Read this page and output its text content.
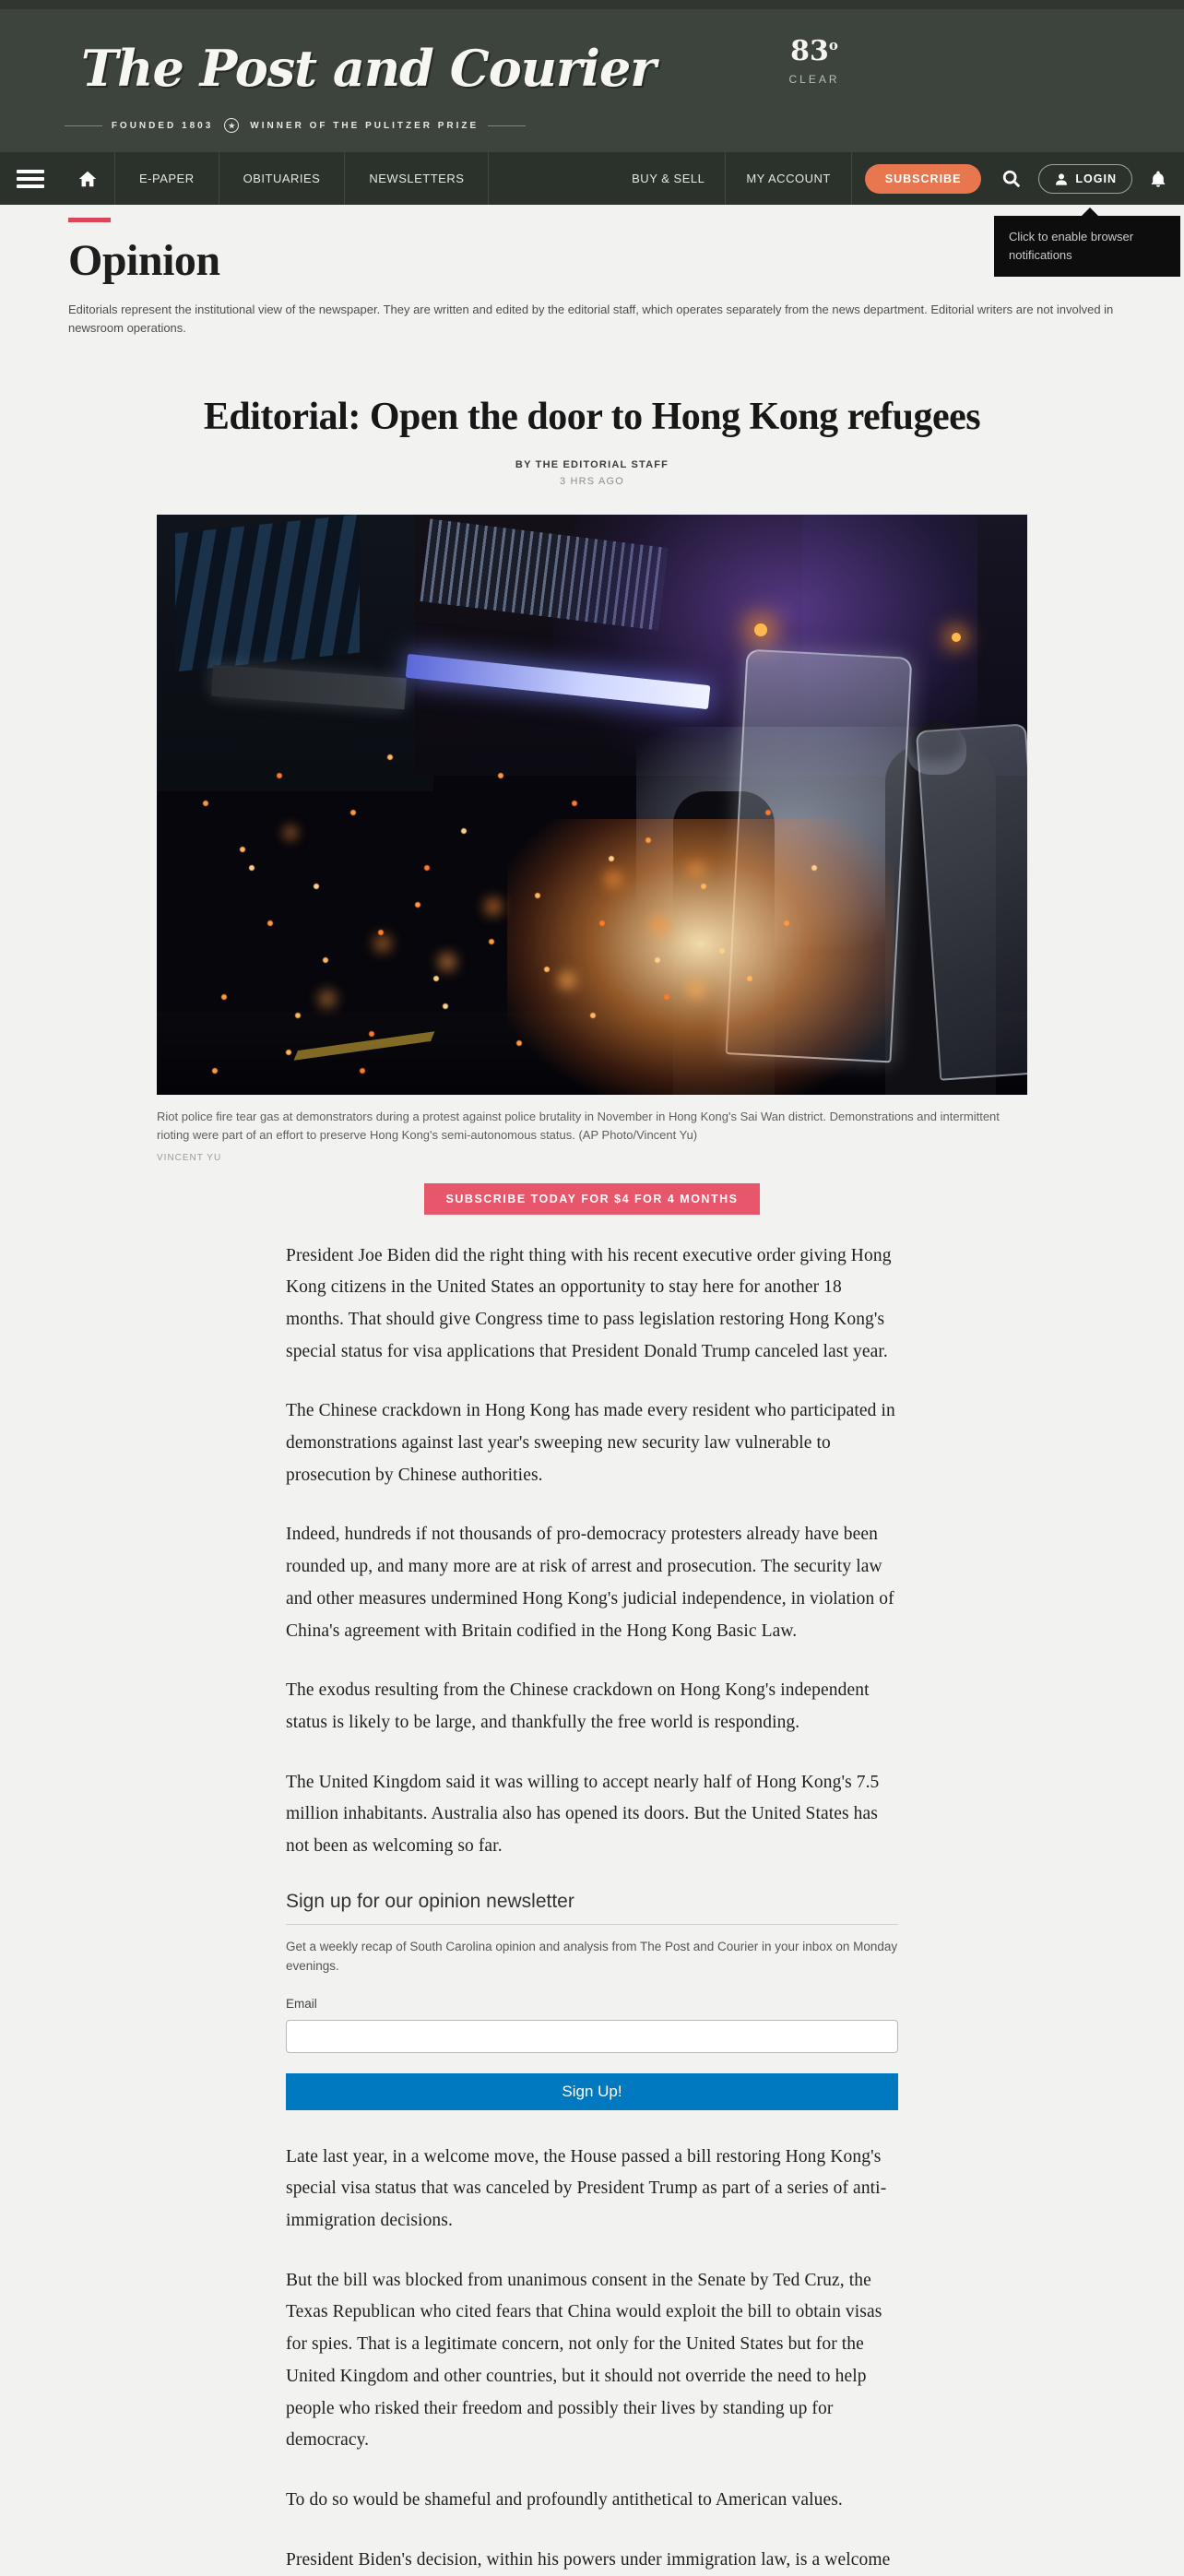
The Post and Courier
FOUNDED 1803	★	WINNER OF THE PULITZER PRIZE
83$^o$
CLEAR
E-PAPER	OBITUARIES	NEWSLETTERS	BUY & SELL	MY ACCOUNT	SUBSCRIBE	LOGIN
Click to enable browser notifications
Opinion

Editorials represent the institutional view of the newspaper. They are written and edited by the editorial staff, which operates separately from the news department. Editorial writers are not involved in newsroom operations.

Editorial: Open the door to Hong Kong refugees
BY THE EDITORIAL STAFF
3 HRS AGO

Riot police fire tear gas at demonstrators during a protest against police brutality in November in Hong Kong's Sai Wan district. Demonstrations and intermittent rioting were part of an effort to preserve Hong Kong's semi-autonomous status. (AP Photo/Vincent Yu)

VINCENT YU

SUBSCRIBE TODAY FOR $4 FOR 4 MONTHS

President Joe Biden did the right thing with his recent executive order giving Hong Kong citizens in the United States an opportunity to stay here for another 18 months. That should give Congress time to pass legislation restoring Hong Kong's special status for visa applications that President Donald Trump canceled last year.

The Chinese crackdown in Hong Kong has made every resident who participated in demonstrations against last year's sweeping new security law vulnerable to prosecution by Chinese authorities.

Indeed, hundreds if not thousands of pro-democracy protesters already have been rounded up, and many more are at risk of arrest and prosecution. The security law and other measures undermined Hong Kong's judicial independence, in violation of China's agreement with Britain codified in the Hong Kong Basic Law.

The exodus resulting from the Chinese crackdown on Hong Kong's independent status is likely to be large, and thankfully the free world is responding.

The United Kingdom said it was willing to accept nearly half of Hong Kong's 7.5 million inhabitants. Australia also has opened its doors. But the United States has not been as welcoming so far.

Sign up for our opinion newsletter

Get a weekly recap of South Carolina opinion and analysis from The Post and Courier in your inbox on Monday evenings.

Email
Sign Up!

Late last year, in a welcome move, the House passed a bill restoring Hong Kong's special visa status that was canceled by President Trump as part of a series of anti-immigration decisions.

But the bill was blocked from unanimous consent in the Senate by Ted Cruz, the Texas Republican who cited fears that China would exploit the bill to obtain visas for spies. That is a legitimate concern, not only for the United States but for the United Kingdom and other countries, but it should not override the need to help people who risked their freedom and possibly their lives by standing up for democracy.

To do so would be shameful and profoundly antithetical to American values.

President Biden's decision, within his powers under immigration law, is a welcome
